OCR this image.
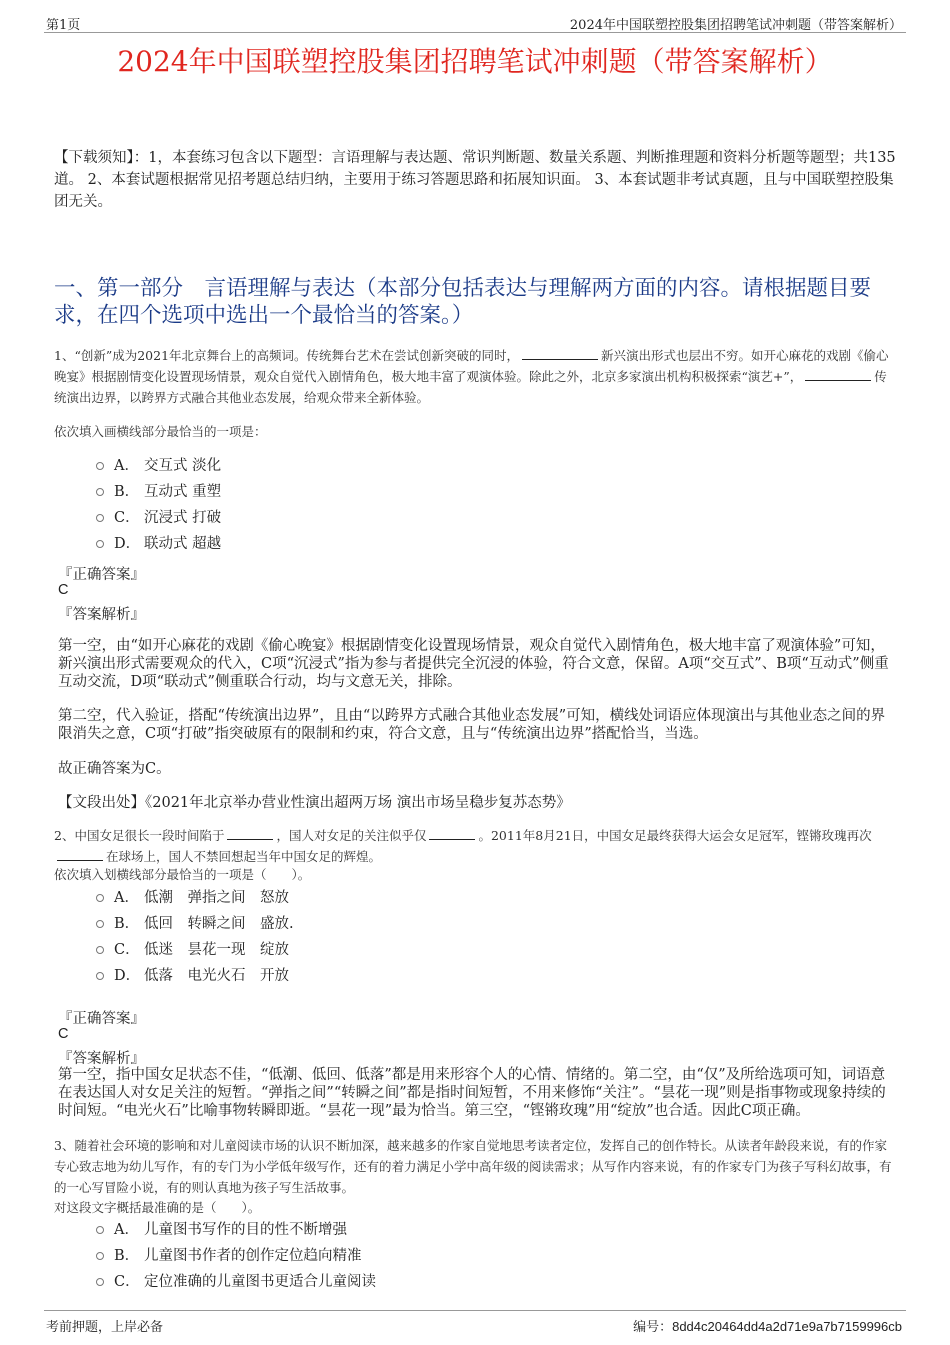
第1页	2024年中国联塑控股集团招聘笔试冲刺题（带答案解析）
2024年中国联塑控股集团招聘笔试冲刺题（带答案解析）
【下载须知】：1，本套练习包含以下题型：言语理解与表达题、常识判断题、数量关系题、判断推理题和资料分析题等题型；共135道。 2、本套试题根据常见招考题总结归纳，主要用于练习答题思路和拓展知识面。 3、本套试题非考试真题，且与中国联塑控股集团无关。
一、第一部分　言语理解与表达（本部分包括表达与理解两方面的内容。请根据题目要求，在四个选项中选出一个最恰当的答案。）
1、“创新”成为2021年北京舞台上的高频词。传统舞台艺术在尝试创新突破的同时，	新兴演出形式也层出不穷。如开心麻花的戏剧《偷心晚宴》根据剧情变化设置现场情景，观众自觉代入剧情角色，极大地丰富了观演体验。除此之外，北京多家演出机构积极探索“演艺+”，	传统演出边界，以跨界方式融合其他业态发展，给观众带来全新体验。
依次填入画横线部分最恰当的一项是：
A． 交互式 淡化
B． 互动式 重塑
C． 沉浸式 打破
D． 联动式 超越
『正确答案』
C
『答案解析』
第一空，由“如开心麻花的戏剧《偷心晚宴》根据剧情变化设置现场情景，观众自觉代入剧情角色，极大地丰富了观演体验”可知，新兴演出形式需要观众的代入，C项“沉浸式”指为参与者提供完全沉浸的体验，符合文意，保留。A项“交互式”、B项“互动式”侧重互动交流，D项“联动式”侧重联合行动，均与文意无关，排除。
第二空，代入验证，搭配“传统演出边界”，且由“以跨界方式融合其他业态发展”可知，横线处词语应体现演出与其他业态之间的界限消失之意，C项“打破”指突破原有的限制和约束，符合文意，且与“传统演出边界”搭配恰当，当选。
故正确答案为C。
【文段出处】《2021年北京举办营业性演出超两万场 演出市场呈稳步复苏态势》
2、中国女足很长一段时间陷于	，国人对女足的关注似乎仅	。2011年8月21日，中国女足最终获得大运会女足冠军，铿锵玫瑰再次在球场上，国人不禁回想起当年中国女足的辉煌。
依次填入划横线部分最恰当的一项是（　　）。
A． 低潮　弹指之间　怒放
B． 低回　转瞬之间　盛放.
C． 低迷　昙花一现　绽放
D． 低落　电光火石　开放
『正确答案』
C
『答案解析』
第一空，指中国女足状态不佳，“低潮、低回、低落”都是用来形容个人的心情、情绪的。第二空，由“仅”及所给选项可知，词语意在表达国人对女足关注的短暂。“弹指之间”“转瞬之间”都是指时间短暂，不用来修饰“关注”。“昙花一现”则是指事物或现象持续的时间短。“电光火石”比喻事物转瞬即逝。“昙花一现”最为恰当。第三空，“铿锵玫瑰”用“绽放”也合适。因此C项正确。
3、随着社会环境的影响和对儿童阅读市场的认识不断加深，越来越多的作家自觉地思考读者定位，发挥自己的创作特长。从读者年龄段来说，有的作家专心致志地为幼儿写作，有的专门为小学低年级写作，还有的着力满足小学中高年级的阅读需求；从写作内容来说，有的作家专门为孩子写科幻故事，有的一心写冒险小说，有的则认真地为孩子写生活故事。
对这段文字概括最准确的是（　　）。
A． 儿童图书写作的目的性不断增强
B． 儿童图书作者的创作定位趋向精准
C． 定位准确的儿童图书更适合儿童阅读
考前押题，上岸必备	编号：8dd4c20464dd4a2d71e9a7b7159996cb
